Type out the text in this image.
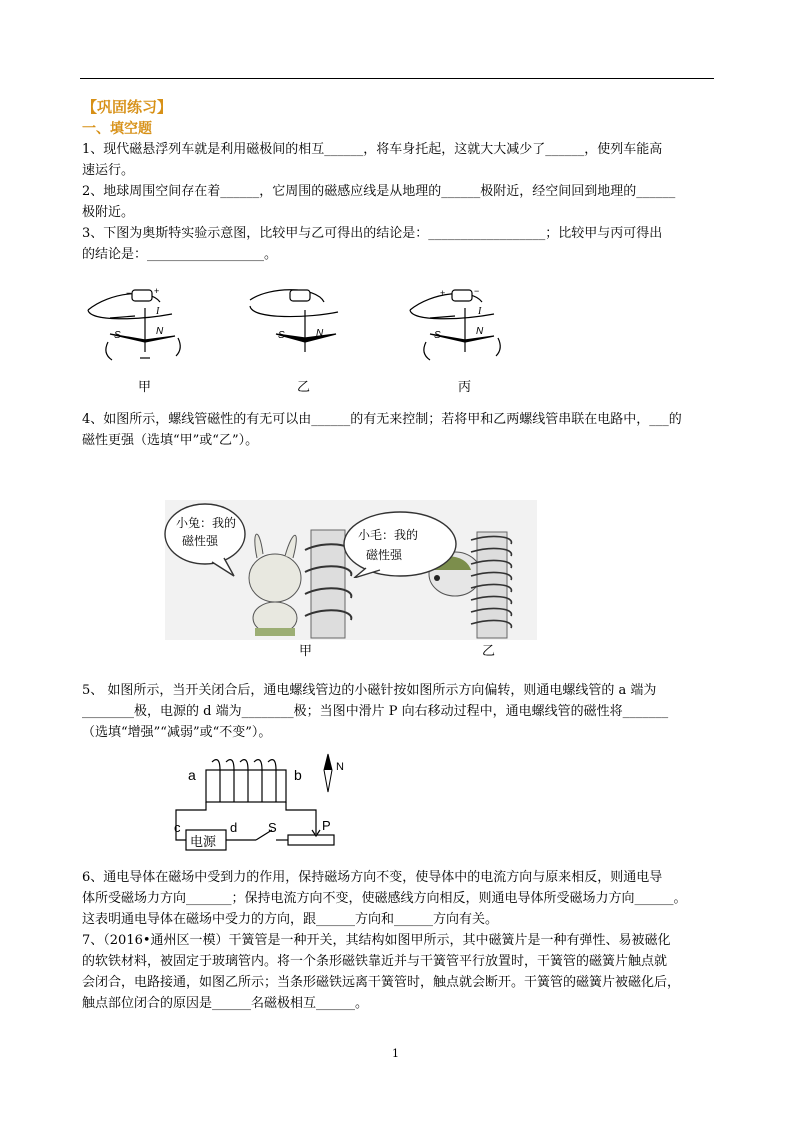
【巩固练习】
一、填空题
1、现代磁悬浮列车就是利用磁极间的相互______，将车身托起，这就大大减少了______，使列车能高
速运行。
2、地球周围空间存在着______，它周围的磁感应线是从地理的______极附近，经空间回到地理的______
极附近。
3、下图为奥斯特实验示意图，比较甲与乙可得出的结论是：__________________；比较甲与丙可得出
的结论是：__________________。
−	+
I
S	N	S	N
+	−
I
S	N
甲	乙	丙
4、如图所示，螺线管磁性的有无可以由______的有无来控制；若将甲和乙两螺线管串联在电路中，___的
磁性更强（选填“甲”或“乙”）。
小兔：我的
磁性强	小毛：我的
磁性强
甲	乙
5、 如图所示，当开关闭合后，通电螺线管边的小磁针按如图所示方向偏转，则通电螺线管的 a 端为
________极，电源的 d 端为________极；当图中滑片 P 向右移动过程中，通电螺线管的磁性将_______
（选填“增强”“减弱”或“不变”）。
a	b
c	d S	P
N
电源
6、通电导体在磁场中受到力的作用，保持磁场方向不变，使导体中的电流方向与原来相反，则通电导
体所受磁场力方向_______；保持电流方向不变，使磁感线方向相反，则通电导体所受磁场力方向______。
这表明通电导体在磁场中受力的方向，跟______方向和______方向有关。
7、（2016•通州区一模）干簧管是一种开关，其结构如图甲所示，其中磁簧片是一种有弹性、易被磁化
的软铁材料，被固定于玻璃管内。将一个条形磁铁靠近并与干簧管平行放置时，干簧管的磁簧片触点就
会闭合，电路接通，如图乙所示；当条形磁铁远离干簧管时，触点就会断开。干簧管的磁簧片被磁化后，
触点部位闭合的原因是______名磁极相互______。
1
